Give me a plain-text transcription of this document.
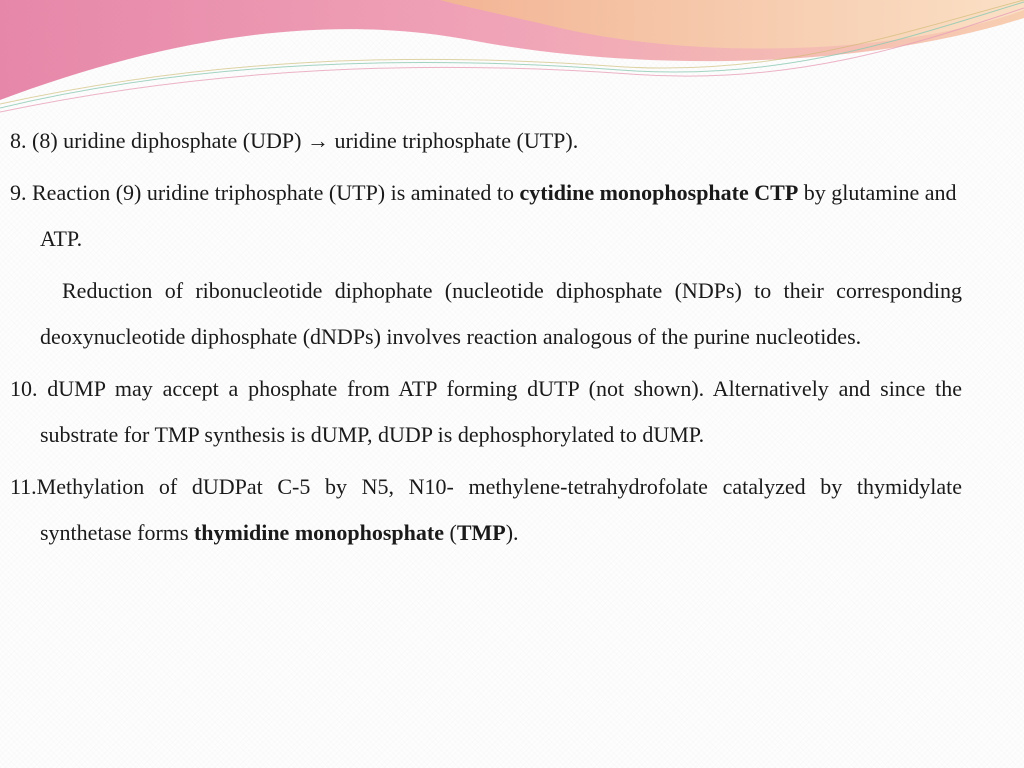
8. (8) uridine diphosphate (UDP) → uridine triphosphate (UTP).

9. Reaction (9) uridine triphosphate (UTP) is aminated to cytidine monophosphate CTP by glutamine and ATP.

Reduction of ribonucleotide diphophate (nucleotide diphosphate (NDPs) to their corresponding deoxynucleotide diphosphate (dNDPs) involves reaction analogous of the purine nucleotides.

10. dUMP may accept a phosphate from ATP forming dUTP (not shown). Alternatively and since the substrate for TMP synthesis is dUMP, dUDP is dephosphorylated to dUMP.

11.Methylation of dUDPat C-5 by N5, N10- methylene-tetrahydrofolate catalyzed by thymidylate synthetase forms thymidine monophosphate (TMP).
